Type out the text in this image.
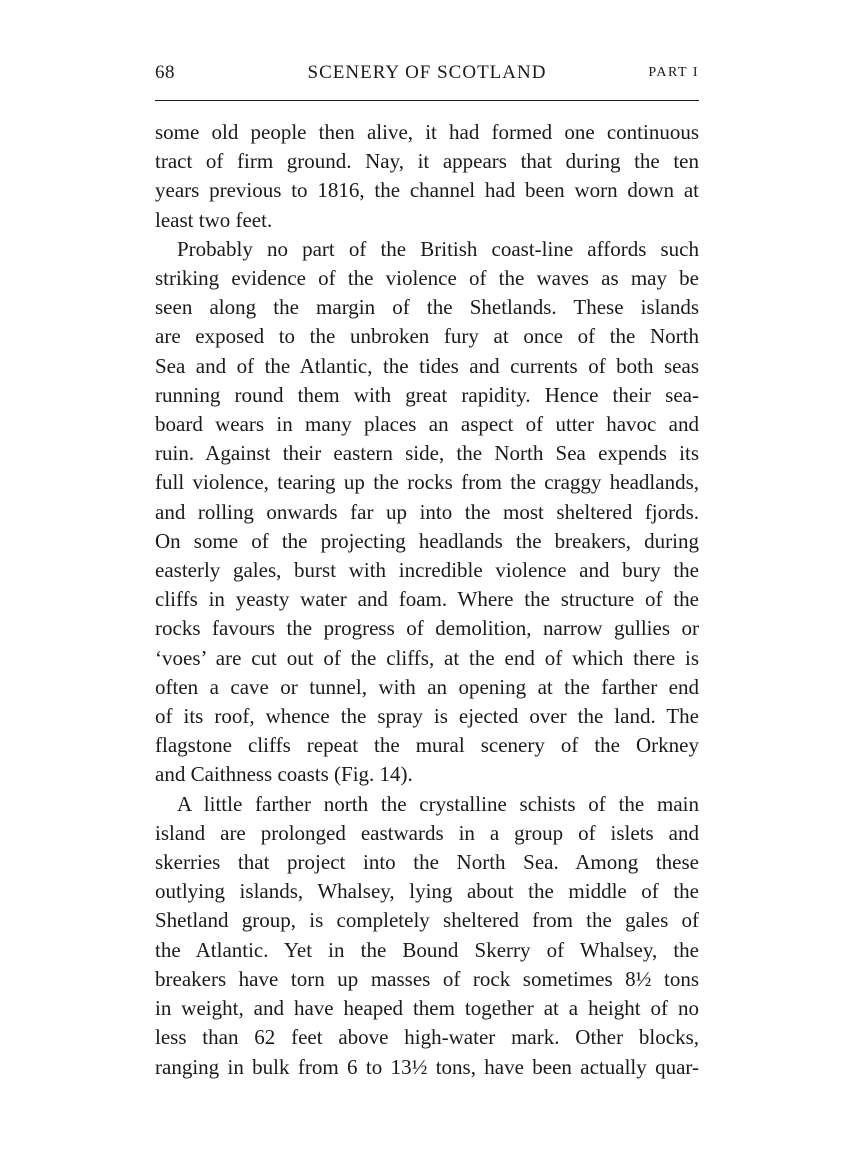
68	SCENERY OF SCOTLAND	PART I
some old people then alive, it had formed one continuous
tract of firm ground. Nay, it appears that during the ten
years previous to 1816, the channel had been worn down at
least two feet.
Probably no part of the British coast-line affords such
striking evidence of the violence of the waves as may be
seen along the margin of the Shetlands. These islands
are exposed to the unbroken fury at once of the North
Sea and of the Atlantic, the tides and currents of both seas
running round them with great rapidity. Hence their sea-
board wears in many places an aspect of utter havoc and
ruin. Against their eastern side, the North Sea expends its
full violence, tearing up the rocks from the craggy headlands,
and rolling onwards far up into the most sheltered fjords.
On some of the projecting headlands the breakers, during
easterly gales, burst with incredible violence and bury the
cliffs in yeasty water and foam. Where the structure of the
rocks favours the progress of demolition, narrow gullies or
‘voes’ are cut out of the cliffs, at the end of which there is
often a cave or tunnel, with an opening at the farther end
of its roof, whence the spray is ejected over the land. The
flagstone cliffs repeat the mural scenery of the Orkney
and Caithness coasts (Fig. 14).
A little farther north the crystalline schists of the main
island are prolonged eastwards in a group of islets and
skerries that project into the North Sea. Among these
outlying islands, Whalsey, lying about the middle of the
Shetland group, is completely sheltered from the gales of
the Atlantic. Yet in the Bound Skerry of Whalsey, the
breakers have torn up masses of rock sometimes 8½ tons
in weight, and have heaped them together at a height of no
less than 62 feet above high-water mark. Other blocks,
ranging in bulk from 6 to 13½ tons, have been actually quar-
